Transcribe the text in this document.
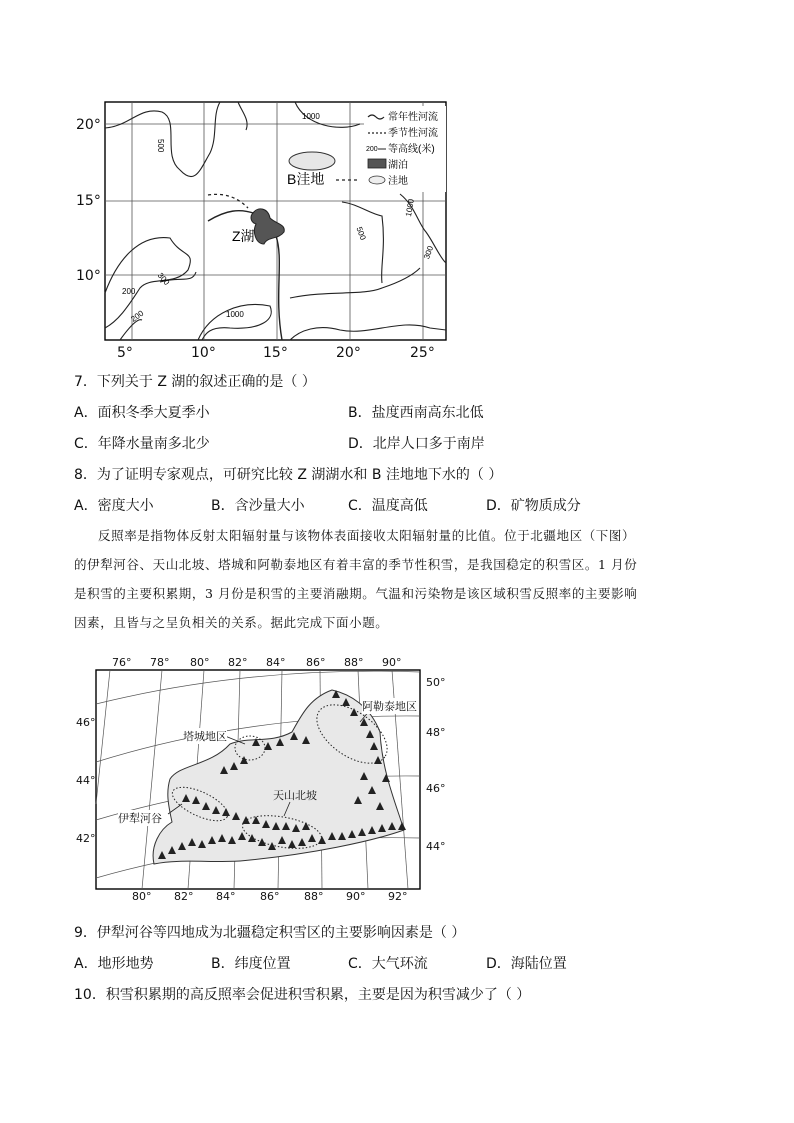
1000
500
1000
500
300
300
200
200	1000
B洼地
Z湖
常年性河流
季节性河流
200 等高线(米)
湖泊
洼地
20°
15°
10°
5°	10°	15°	20°	25°
7．下列关于 Z 湖的叙述正确的是（ ）
A．面积冬季大夏季小	B．盐度西南高东北低
C．年降水量南多北少	D．北岸人口多于南岸
8．为了证明专家观点，可研究比较 Z 湖湖水和 B 洼地地下水的（ ）
A．密度大小	B．含沙量大小	C．温度高低	D．矿物质成分
反照率是指物体反射太阳辐射量与该物体表面接收太阳辐射量的比值。位于北疆地区（下图）
的伊犁河谷、天山北坡、塔城和阿勒泰地区有着丰富的季节性积雪，是我国稳定的积雪区。1 月份
是积雪的主要积累期，3 月份是积雪的主要消融期。气温和污染物是该区域积雪反照率的主要影响
因素，且皆与之呈负相关的关系。据此完成下面小题。
76° 78° 80° 82° 84° 86° 88° 90°
80° 82° 84° 86° 88° 90° 92°
46°
44°
42°
50°
48°
46°
44°
阿勒泰地区
塔城地区
天山北坡
伊犁河谷
9．伊犁河谷等四地成为北疆稳定积雪区的主要影响因素是（ ）
A．地形地势	B．纬度位置	C．大气环流	D．海陆位置
10．积雪积累期的高反照率会促进积雪积累，主要是因为积雪减少了（ ）
